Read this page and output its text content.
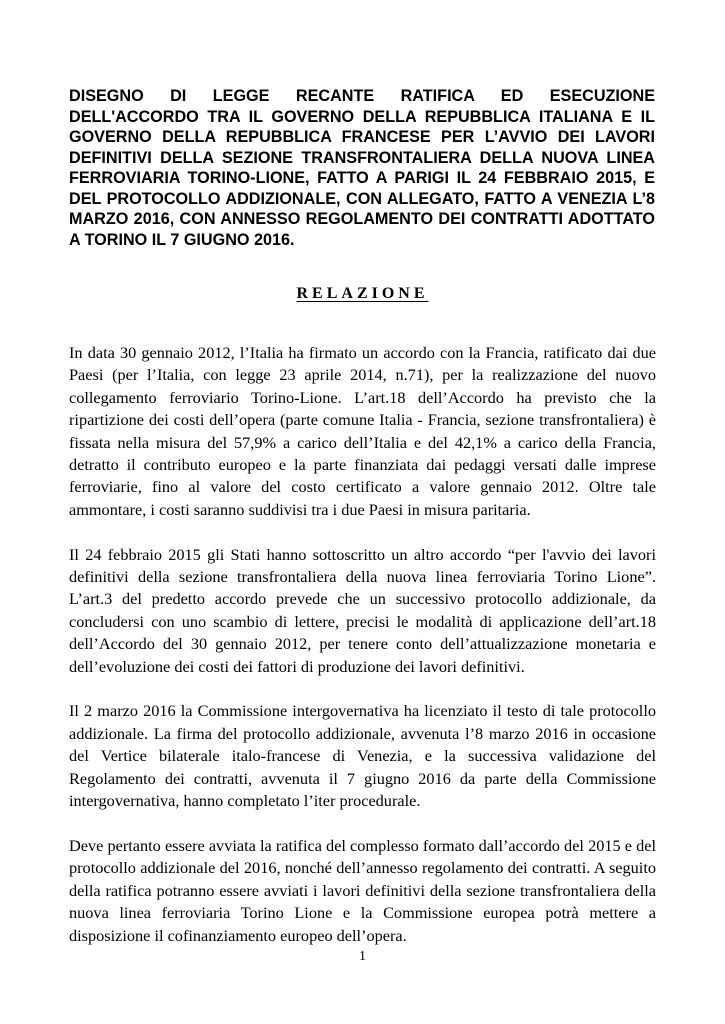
DISEGNO DI LEGGE RECANTE RATIFICA ED ESECUZIONE DELL'ACCORDO TRA IL GOVERNO DELLA REPUBBLICA ITALIANA E IL GOVERNO DELLA REPUBBLICA FRANCESE PER L’AVVIO DEI LAVORI DEFINITIVI DELLA SEZIONE TRANSFRONTALIERA DELLA NUOVA LINEA FERROVIARIA TORINO-LIONE, FATTO A PARIGI IL 24 FEBBRAIO 2015, E DEL PROTOCOLLO ADDIZIONALE, CON ALLEGATO, FATTO A VENEZIA L’8 MARZO 2016, CON ANNESSO REGOLAMENTO DEI CONTRATTI ADOTTATO A TORINO IL 7 GIUGNO 2016.
RELAZIONE

In data 30 gennaio 2012, l’Italia ha firmato un accordo con la Francia, ratificato dai due Paesi (per l’Italia, con legge 23 aprile 2014, n.71), per la realizzazione del nuovo collegamento ferroviario Torino-Lione. L’art.18 dell’Accordo ha previsto che la ripartizione dei costi dell’opera (parte comune Italia - Francia, sezione transfrontaliera) è fissata nella misura del 57,9% a carico dell’Italia e del 42,1% a carico della Francia, detratto il contributo europeo e la parte finanziata dai pedaggi versati dalle imprese ferroviarie, fino al valore del costo certificato a valore gennaio 2012. Oltre tale ammontare, i costi saranno suddivisi tra i due Paesi in misura paritaria.

Il 24 febbraio 2015 gli Stati hanno sottoscritto un altro accordo “per l'avvio dei lavori definitivi della sezione transfrontaliera della nuova linea ferroviaria Torino Lione”. L’art.3 del predetto accordo prevede che un successivo protocollo addizionale, da concludersi con uno scambio di lettere, precisi le modalità di applicazione dell’art.18 dell’Accordo del 30 gennaio 2012, per tenere conto dell’attualizzazione monetaria e dell’evoluzione dei costi dei fattori di produzione dei lavori definitivi.

Il 2 marzo 2016 la Commissione intergovernativa ha licenziato il testo di tale protocollo addizionale. La firma del protocollo addizionale, avvenuta l’8 marzo 2016 in occasione del Vertice bilaterale italo-francese di Venezia, e la successiva validazione del Regolamento dei contratti, avvenuta il 7 giugno 2016 da parte della Commissione intergovernativa, hanno completato l’iter procedurale.

Deve pertanto essere avviata la ratifica del complesso formato dall’accordo del 2015 e del protocollo addizionale del 2016, nonché dell’annesso regolamento dei contratti. A seguito della ratifica potranno essere avviati i lavori definitivi della sezione transfrontaliera della nuova linea ferroviaria Torino Lione e la Commissione europea potrà mettere a disposizione il cofinanziamento europeo dell’opera.

1
